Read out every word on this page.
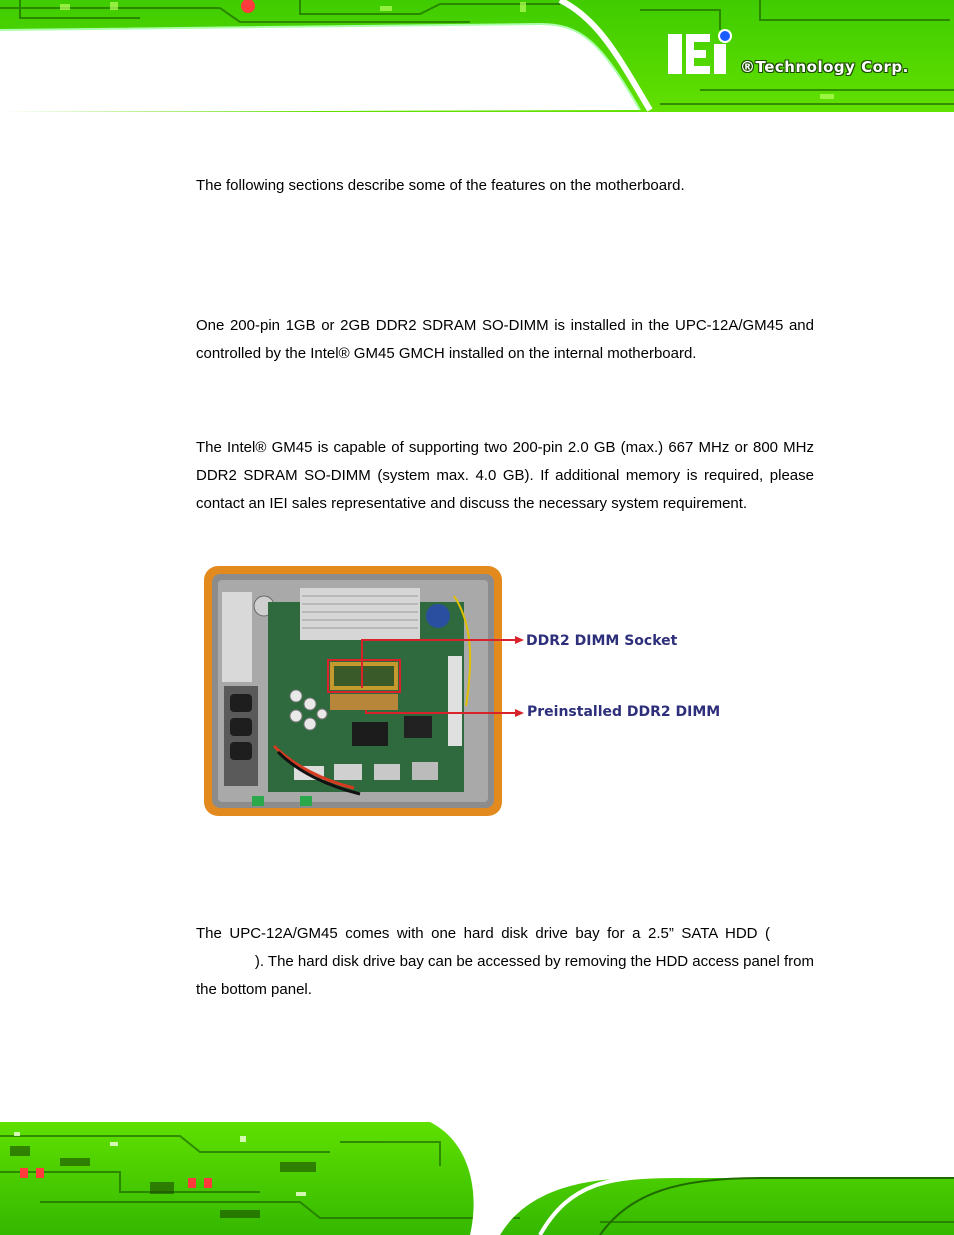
®Technology Corp.

The following sections describe some of the features on the motherboard.

One 200-pin 1GB or 2GB DDR2 SDRAM SO-DIMM is installed in the UPC-12A/GM45 and controlled by the Intel® GM45 GMCH installed on the internal motherboard.

The Intel® GM45 is capable of supporting two 200-pin 2.0 GB (max.) 667 MHz or 800 MHz DDR2 SDRAM SO-DIMM (system max. 4.0 GB). If additional memory is required, please contact an IEI sales representative and discuss the necessary system requirement.

DDR2 DIMM Socket
Preinstalled DDR2 DIMM
The UPC-12A/GM45 comes with one hard disk drive bay for a 2.5” SATA HDD (
). The hard disk drive bay can be accessed by removing the HDD access panel from
the bottom panel.
